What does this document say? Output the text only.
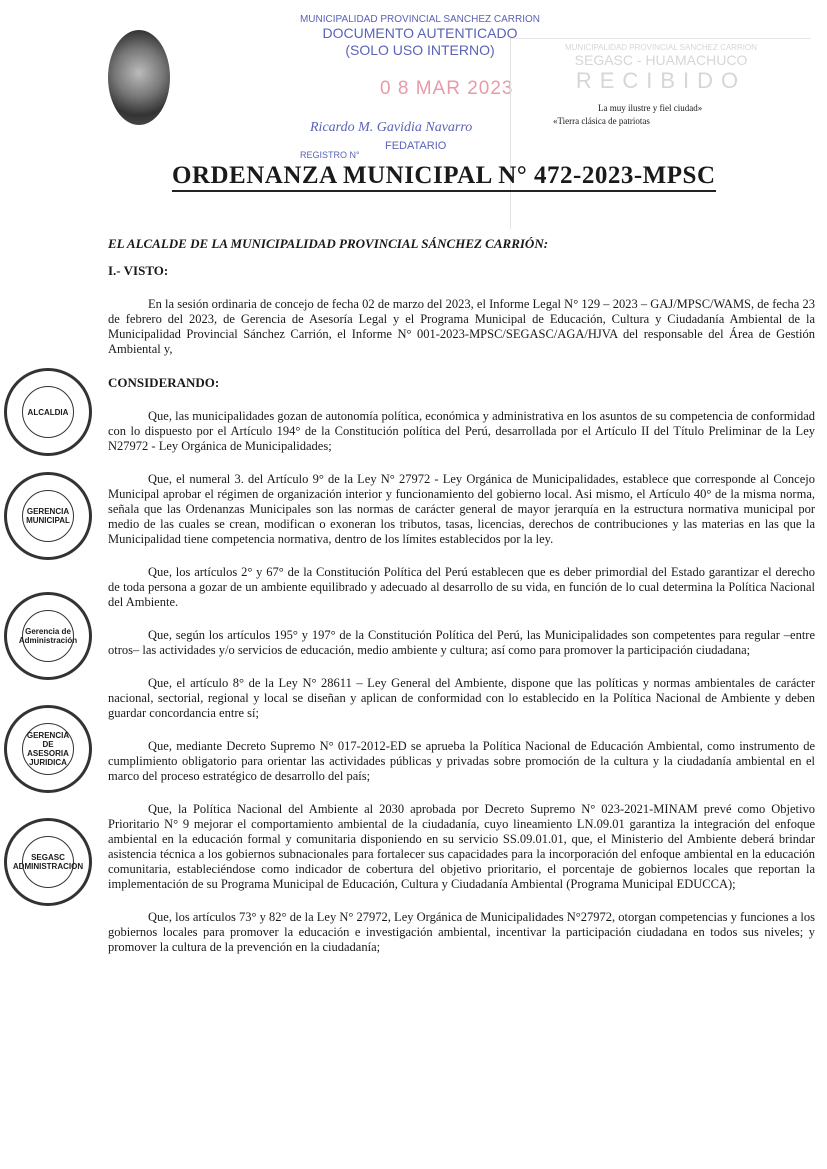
MUNICIPALIDAD PROVINCIAL SANCHEZ CARRION
DOCUMENTO AUTENTICADO
(SOLO USO INTERNO)
0 8 MAR 2023
Ricardo M. Gavidia Navarro
FEDATARIO
REGISTRO N°
MUNICIPALIDAD PROVINCIAL SANCHEZ CARRION
SEGASC - HUAMACHUCO
RECIBIDO
La muy ilustre y fiel ciudad»
«Tierra clásica de patriotas
ORDENANZA MUNICIPAL N° 472-2023-MPSC
EL ALCALDE DE LA MUNICIPALIDAD PROVINCIAL SÁNCHEZ CARRIÓN:
I.- VISTO:
En la sesión ordinaria de concejo de fecha 02 de marzo del 2023, el Informe Legal N° 129 – 2023 – GAJ/MPSC/WAMS, de fecha 23 de febrero del 2023, de Gerencia de Asesoría Legal y el Programa Municipal de Educación, Cultura y Ciudadanía Ambiental de la Municipalidad Provincial Sánchez Carrión, el Informe N° 001-2023-MPSC/SEGASC/AGA/HJVA del responsable del Área de Gestión Ambiental y,
CONSIDERANDO:
Que, las municipalidades gozan de autonomía política, económica y administrativa en los asuntos de su competencia de conformidad con lo dispuesto por el Artículo 194° de la Constitución política del Perú, desarrollada por el Artículo II del Título Preliminar de la Ley N27972 - Ley Orgánica de Municipalidades;
Que, el numeral 3. del Artículo 9° de la Ley N° 27972 - Ley Orgánica de Municipalidades, establece que corresponde al Concejo Municipal aprobar el régimen de organización interior y funcionamiento del gobierno local. Asi mismo, el Artículo 40° de la misma norma, señala que las Ordenanzas Municipales son las normas de carácter general de mayor jerarquía en la estructura normativa municipal por medio de las cuales se crean, modifican o exoneran los tributos, tasas, licencias, derechos de contribuciones y las materias en las que la Municipalidad tiene competencia normativa, dentro de los límites establecidos por la ley.
Que, los artículos 2° y 67° de la Constitución Política del Perú establecen que es deber primordial del Estado garantizar el derecho de toda persona a gozar de un ambiente equilibrado y adecuado al desarrollo de su vida, en función de lo cual determina la Política Nacional del Ambiente.
Que, según los artículos 195° y 197° de la Constitución Política del Perú, las Municipalidades son competentes para regular –entre otros– las actividades y/o servicios de educación, medio ambiente y cultura; así como para promover la participación ciudadana;
Que, el artículo 8° de la Ley N° 28611 – Ley General del Ambiente, dispone que las políticas y normas ambientales de carácter nacional, sectorial, regional y local se diseñan y aplican de conformidad con lo establecido en la Política Nacional de Ambiente y deben guardar concordancia entre sí;
Que, mediante Decreto Supremo N° 017-2012-ED se aprueba la Política Nacional de Educación Ambiental, como instrumento de cumplimiento obligatorio para orientar las actividades públicas y privadas sobre promoción de la cultura y la ciudadanía ambiental en el marco del proceso estratégico de desarrollo del país;
Que, la Política Nacional del Ambiente al 2030 aprobada por Decreto Supremo N° 023-2021-MINAM prevé como Objetivo Prioritario N° 9 mejorar el comportamiento ambiental de la ciudadanía, cuyo lineamiento LN.09.01 garantiza la integración del enfoque ambiental en la educación formal y comunitaria disponiendo en su servicio SS.09.01.01, que, el Ministerio del Ambiente deberá brindar asistencia técnica a los gobiernos subnacionales para fortalecer sus capacidades para la incorporación del enfoque ambiental en la educación comunitaria, estableciéndose como indicador de cobertura del objetivo prioritario, el porcentaje de gobiernos locales que reportan la implementación de su Programa Municipal de Educación, Cultura y Ciudadanía Ambiental (Programa Municipal EDUCCA);
Que, los artículos 73° y 82° de la Ley N° 27972, Ley Orgánica de Municipalidades N°27972, otorgan competencias y funciones a los gobiernos locales para promover la educación e investigación ambiental, incentivar la participación ciudadana en todos sus niveles; y promover la cultura de la prevención en la ciudadanía;
ALCALDIA
GERENCIA MUNICIPAL
Gerencia de Administración
GERENCIA DE ASESORIA JURIDICA
SEGASC ADMINISTRACION
